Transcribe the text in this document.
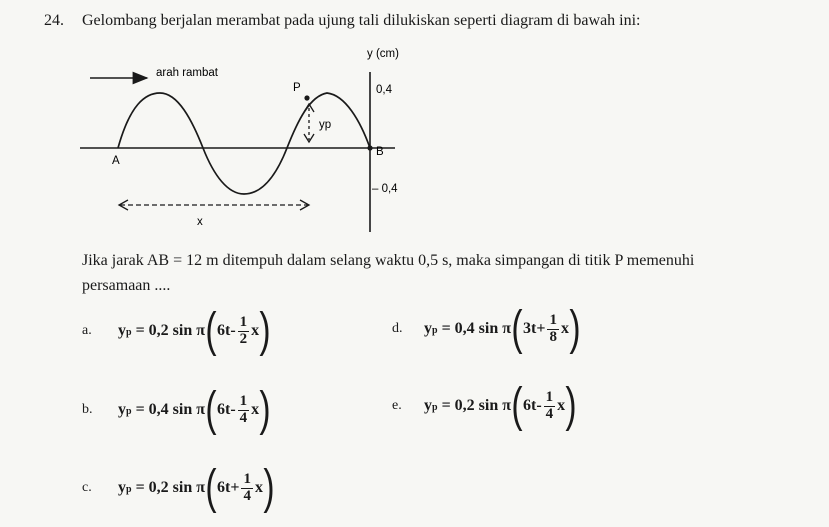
24. Gelombang berjalan merambat pada ujung tali dilukiskan seperti diagram di bawah ini:
arah rambat
y (cm)
0,4
– 0,4
P
B
A
yp
x
Jika jarak AB = 12 m ditempuh dalam selang waktu 0,5 s, maka simpangan di titik P memenuhi
persamaan ....
a.	y p = 0,2 sin π ( $6t - \frac{1}{2}$ x )
b.	y p = 0,4 sin π ( $6t - \frac{1}{4}$ x )
c.	y p = 0,2 sin π ( $6t + \frac{1}{4}$ x )
d.	y p = 0,4 sin π ( $3t + \frac{1}{8}$ x )
e.	y p = 0,2 sin π ( $6t - \frac{1}{4}$ x )
